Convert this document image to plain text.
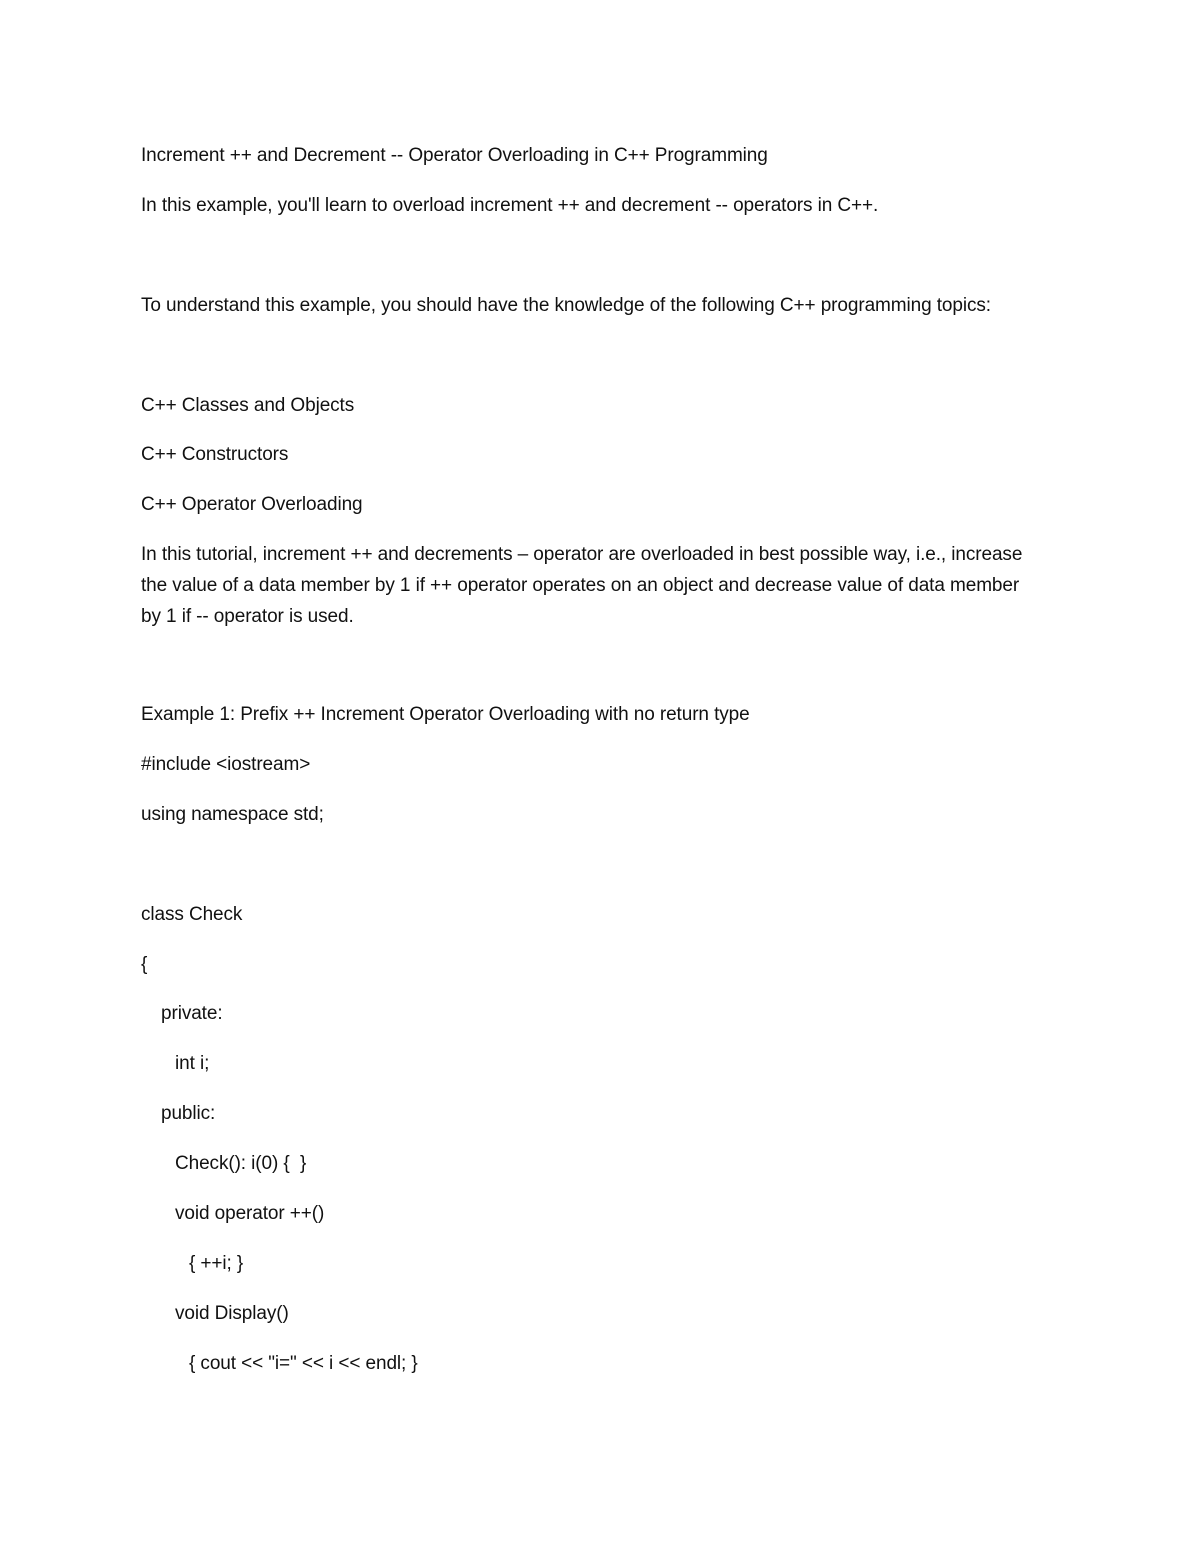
Increment ++ and Decrement -- Operator Overloading in C++ Programming
In this example, you'll learn to overload increment ++ and decrement -- operators in C++.
To understand this example, you should have the knowledge of the following C++ programming topics:
C++ Classes and Objects
C++ Constructors
C++ Operator Overloading
In this tutorial, increment ++ and decrements – operator are overloaded in best possible way, i.e., increase the value of a data member by 1 if ++ operator operates on an object and decrease value of data member by 1 if -- operator is used.
Example 1: Prefix ++ Increment Operator Overloading with no return type
#include <iostream>
using namespace std;
class Check
{
private:
int i;
public:
Check(): i(0) {  }
void operator ++()
{ ++i; }
void Display()
{ cout << "i=" << i << endl; }
